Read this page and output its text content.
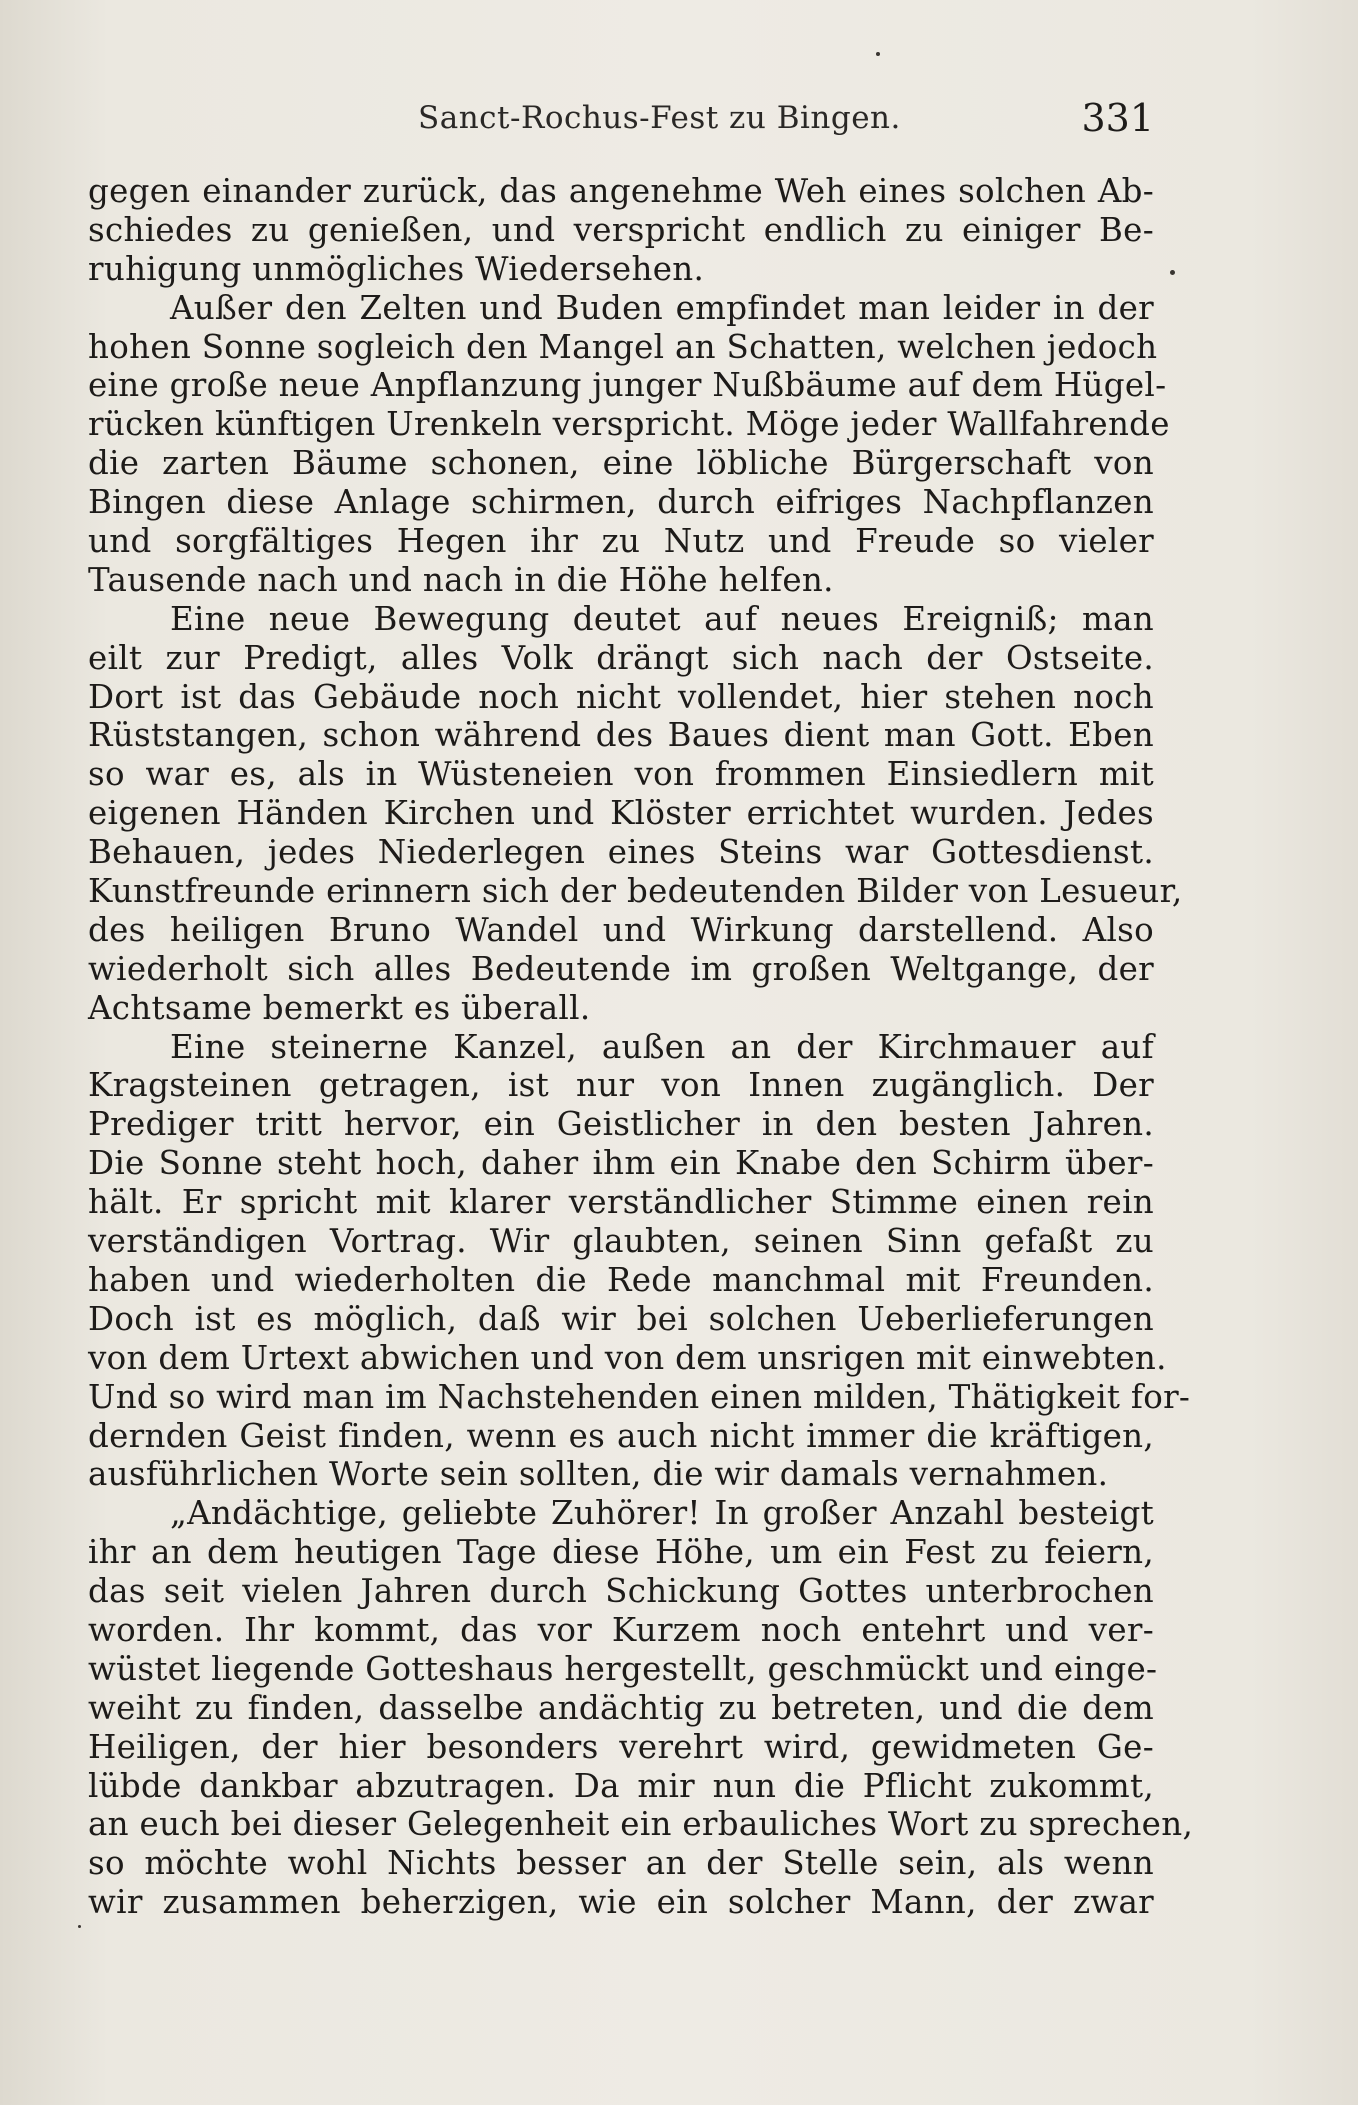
Sanct-Rochus-Fest zu Bingen.	331
gegen einander zurück, das angenehme Weh eines solchen Ab-
schiedes zu genießen, und verspricht endlich zu einiger Be-
ruhigung unmögliches Wiedersehen.
Außer den Zelten und Buden empfindet man leider in der
hohen Sonne sogleich den Mangel an Schatten, welchen jedoch
eine große neue Anpflanzung junger Nußbäume auf dem Hügel-
rücken künftigen Urenkeln verspricht. Möge jeder Wallfahrende
die zarten Bäume schonen, eine löbliche Bürgerschaft von
Bingen diese Anlage schirmen, durch eifriges Nachpflanzen
und sorgfältiges Hegen ihr zu Nutz und Freude so vieler
Tausende nach und nach in die Höhe helfen.
Eine neue Bewegung deutet auf neues Ereigniß; man
eilt zur Predigt, alles Volk drängt sich nach der Ostseite.
Dort ist das Gebäude noch nicht vollendet, hier stehen noch
Rüststangen, schon während des Baues dient man Gott. Eben
so war es, als in Wüsteneien von frommen Einsiedlern mit
eigenen Händen Kirchen und Klöster errichtet wurden. Jedes
Behauen, jedes Niederlegen eines Steins war Gottesdienst.
Kunstfreunde erinnern sich der bedeutenden Bilder von Lesueur,
des heiligen Bruno Wandel und Wirkung darstellend. Also
wiederholt sich alles Bedeutende im großen Weltgange, der
Achtsame bemerkt es überall.
Eine steinerne Kanzel, außen an der Kirchmauer auf
Kragsteinen getragen, ist nur von Innen zugänglich. Der
Prediger tritt hervor, ein Geistlicher in den besten Jahren.
Die Sonne steht hoch, daher ihm ein Knabe den Schirm über-
hält. Er spricht mit klarer verständlicher Stimme einen rein
verständigen Vortrag. Wir glaubten, seinen Sinn gefaßt zu
haben und wiederholten die Rede manchmal mit Freunden.
Doch ist es möglich, daß wir bei solchen Ueberlieferungen
von dem Urtext abwichen und von dem unsrigen mit einwebten.
Und so wird man im Nachstehenden einen milden, Thätigkeit for-
dernden Geist finden, wenn es auch nicht immer die kräftigen,
ausführlichen Worte sein sollten, die wir damals vernahmen.
„Andächtige, geliebte Zuhörer! In großer Anzahl besteigt
ihr an dem heutigen Tage diese Höhe, um ein Fest zu feiern,
das seit vielen Jahren durch Schickung Gottes unterbrochen
worden. Ihr kommt, das vor Kurzem noch entehrt und ver-
wüstet liegende Gotteshaus hergestellt, geschmückt und einge-
weiht zu finden, dasselbe andächtig zu betreten, und die dem
Heiligen, der hier besonders verehrt wird, gewidmeten Ge-
lübde dankbar abzutragen. Da mir nun die Pflicht zukommt,
an euch bei dieser Gelegenheit ein erbauliches Wort zu sprechen,
so möchte wohl Nichts besser an der Stelle sein, als wenn
wir zusammen beherzigen, wie ein solcher Mann, der zwar
